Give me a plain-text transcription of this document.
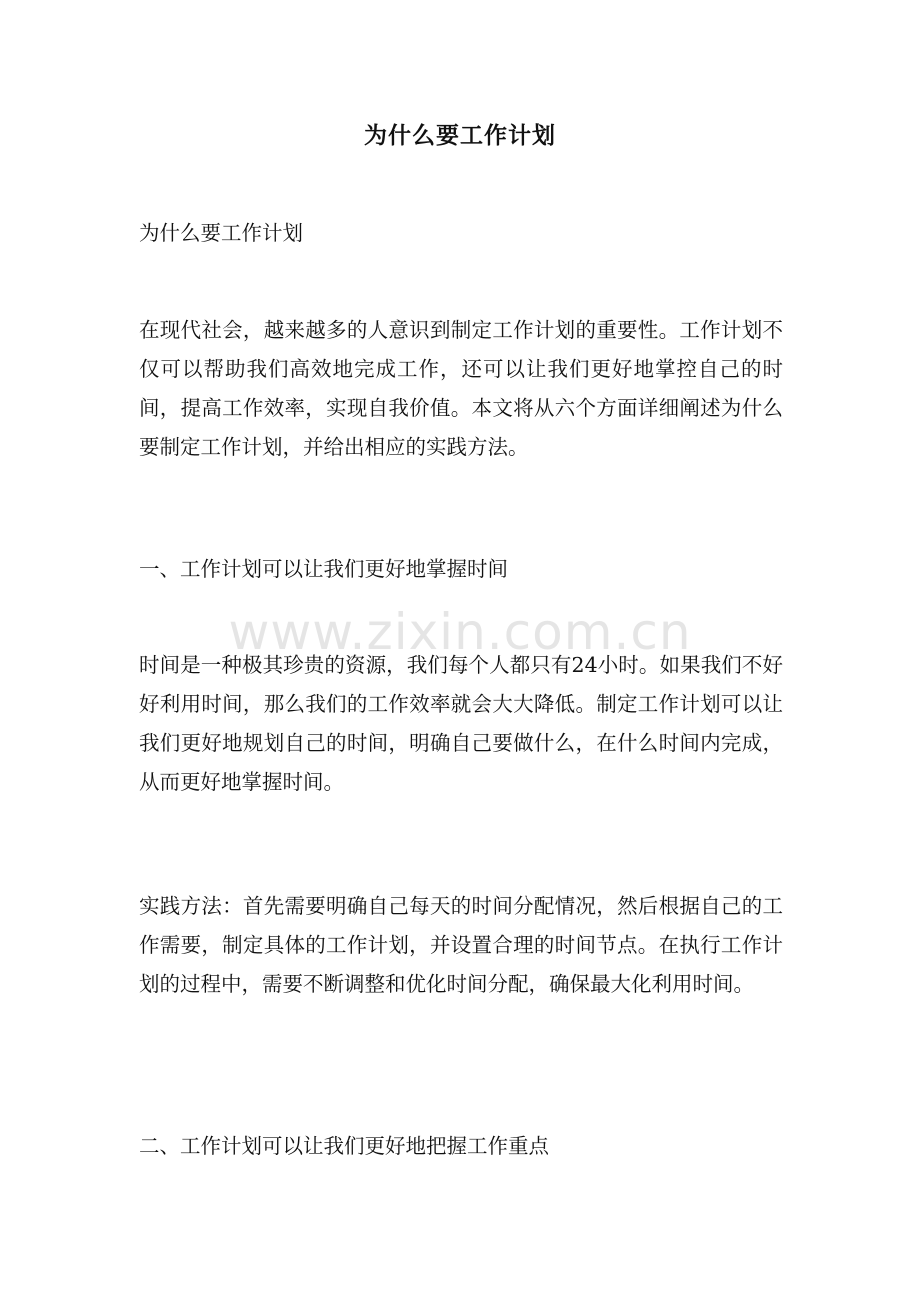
为什么要工作计划

为什么要工作计划

在现代社会，越来越多的人意识到制定工作计划的重要性。工作计划不仅可以帮助我们高效地完成工作，还可以让我们更好地掌控自己的时间，提高工作效率，实现自我价值。本文将从六个方面详细阐述为什么要制定工作计划，并给出相应的实践方法。

一、工作计划可以让我们更好地掌握时间

时间是一种极其珍贵的资源，我们每个人都只有24小时。如果我们不好好利用时间，那么我们的工作效率就会大大降低。制定工作计划可以让我们更好地规划自己的时间，明确自己要做什么，在什么时间内完成，从而更好地掌握时间。

实践方法：首先需要明确自己每天的时间分配情况，然后根据自己的工作需要，制定具体的工作计划，并设置合理的时间节点。在执行工作计划的过程中，需要不断调整和优化时间分配，确保最大化利用时间。

二、工作计划可以让我们更好地把握工作重点

www.zixin.com.cn
